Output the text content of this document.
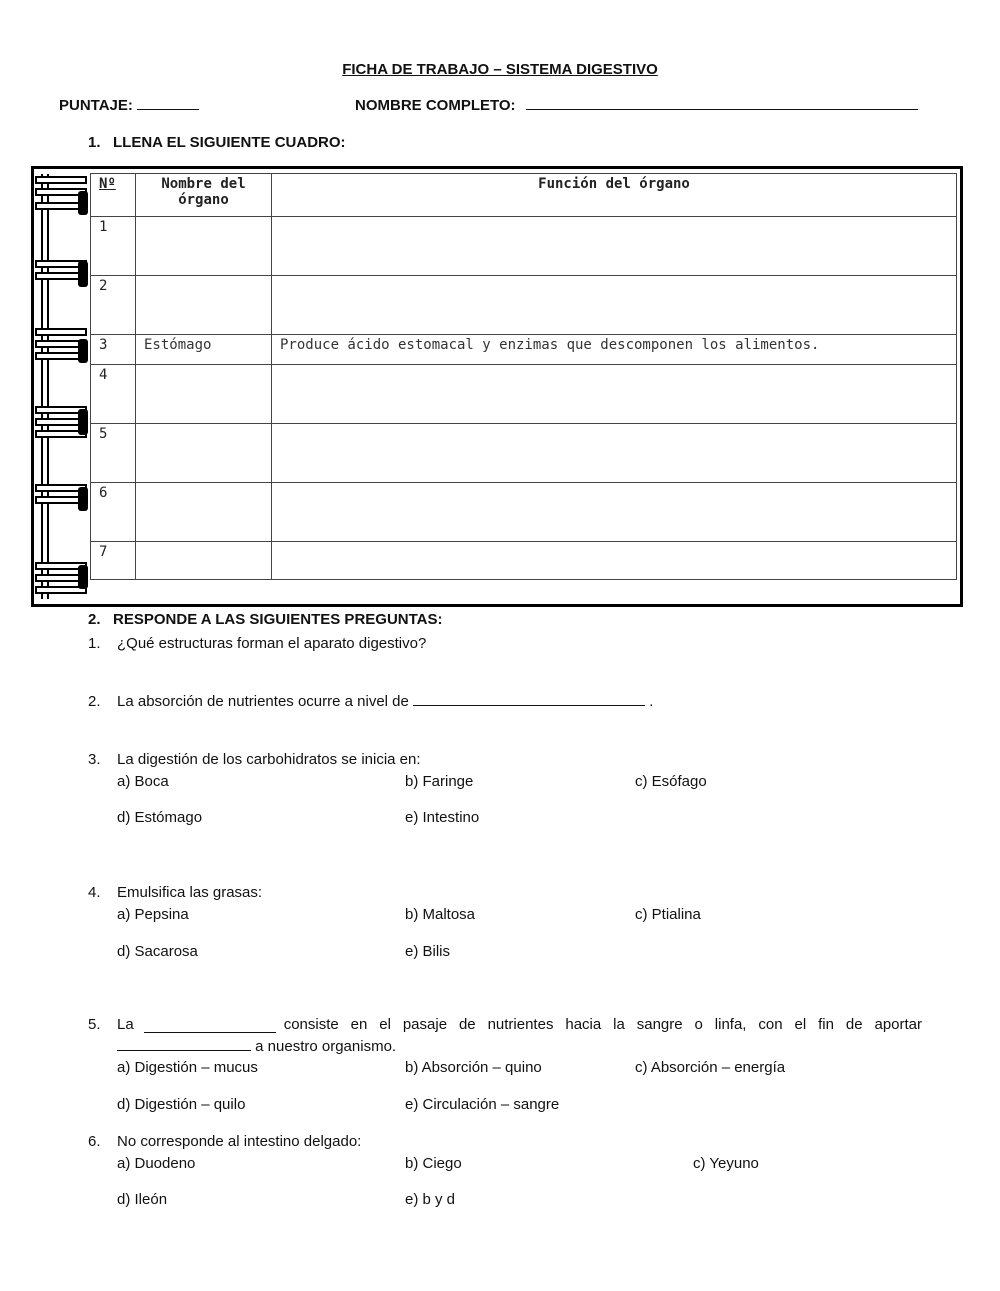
FICHA DE TRABAJO – SISTEMA DIGESTIVO
PUNTAJE:	NOMBRE COMPLETO:
1.   LLENA EL SIGUIENTE CUADRO:
Nº	Nombre del órgano	Función del órgano
1		
2		
3	Estómago	Produce ácido estomacal y enzimas que descomponen los alimentos.
4		
5		
6		
7		
2.   RESPONDE A LAS SIGUIENTES PREGUNTAS:
1. ¿Qué estructuras forman el aparato digestivo?
2. La absorción de nutrientes ocurre a nivel de	.
3. La digestión de los carbohidratos se inicia en:
a) Boca	b) Faringe	c) Esófago
d) Estómago	e) Intestino
4. Emulsifica las grasas:
a) Pepsina	b) Maltosa	c) Ptialina
d) Sacarosa	e) Bilis
5. La	consiste en el pasaje de nutrientes hacia la sangre o linfa, con el fin de aportar
a nuestro organismo.
a) Digestión – mucus	b) Absorción – quino	c) Absorción – energía
d) Digestión – quilo	e) Circulación – sangre
6. No corresponde al intestino delgado:
a) Duodeno	b) Ciego	c) Yeyuno
d) Ileón	e) b y d
